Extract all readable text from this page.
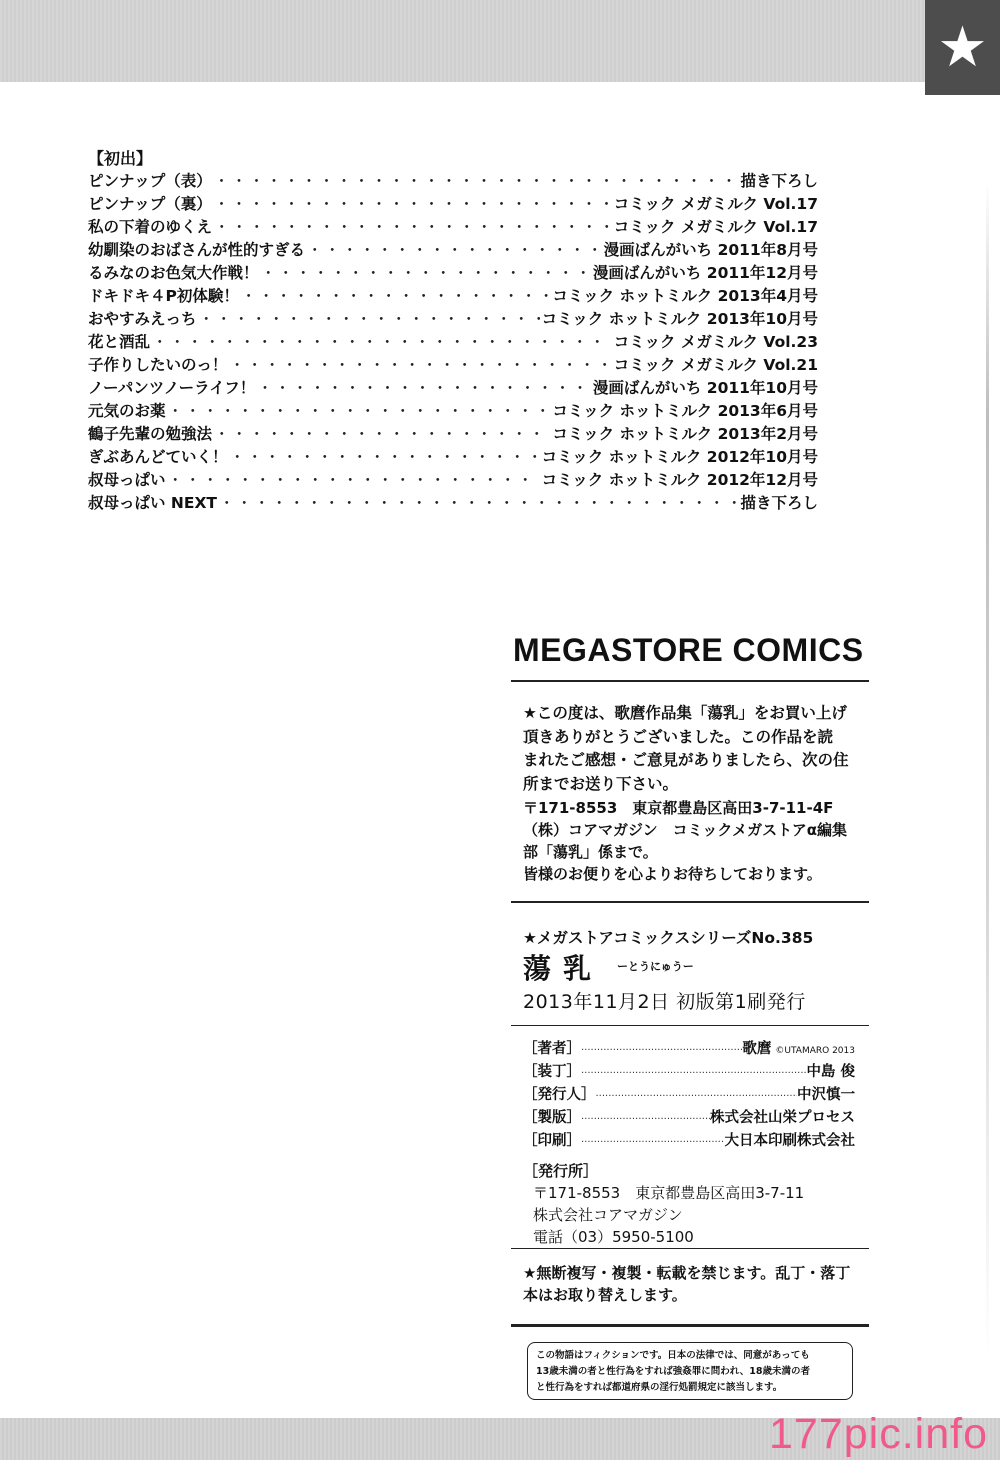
★
【初出】
ピンナップ（表） ・・・・・・・・・・・・・・・・・・・・・・・・・・・・・・・・・・・・・・・・・・・・・・・・・・・・・・・・・・・・・・・・・・・	描き下ろし
ピンナップ（裏） ・・・・・・・・・・・・・・・・・・・・・・・・・・・・・・・・・・・・・・・・・・・・・・・・・・・・・・・・・・・・・・・・・・・	コミック メガミルク Vol.17
私の下着のゆくえ ・・・・・・・・・・・・・・・・・・・・・・・・・・・・・・・・・・・・・・・・・・・・・・・・・・・・・・・・・・・・・・・・・・・	コミック メガミルク Vol.17
幼馴染のおばさんが性的すぎる ・・・・・・・・・・・・・・・・・・・・・・・・・・・・・・・・・・・・・・・・・・・・・・・・・・・・・・・・・・・・・・・・・・・	漫画ばんがいち 2011年8月号
るみなのお色気大作戦！ ・・・・・・・・・・・・・・・・・・・・・・・・・・・・・・・・・・・・・・・・・・・・・・・・・・・・・・・・・・・・・・・・・・・	漫画ばんがいち 2011年12月号
ドキドキ４P初体験！ ・・・・・・・・・・・・・・・・・・・・・・・・・・・・・・・・・・・・・・・・・・・・・・・・・・・・・・・・・・・・・・・・・・・	コミック ホットミルク 2013年4月号
おやすみえっち ・・・・・・・・・・・・・・・・・・・・・・・・・・・・・・・・・・・・・・・・・・・・・・・・・・・・・・・・・・・・・・・・・・・	コミック ホットミルク 2013年10月号
花と酒乱 ・・・・・・・・・・・・・・・・・・・・・・・・・・・・・・・・・・・・・・・・・・・・・・・・・・・・・・・・・・・・・・・・・・・	コミック メガミルク Vol.23
子作りしたいのっ！ ・・・・・・・・・・・・・・・・・・・・・・・・・・・・・・・・・・・・・・・・・・・・・・・・・・・・・・・・・・・・・・・・・・・	コミック メガミルク Vol.21
ノーパンツノーライフ！ ・・・・・・・・・・・・・・・・・・・・・・・・・・・・・・・・・・・・・・・・・・・・・・・・・・・・・・・・・・・・・・・・・・・	漫画ばんがいち 2011年10月号
元気のお薬 ・・・・・・・・・・・・・・・・・・・・・・・・・・・・・・・・・・・・・・・・・・・・・・・・・・・・・・・・・・・・・・・・・・・	コミック ホットミルク 2013年6月号
鶴子先輩の勉強法 ・・・・・・・・・・・・・・・・・・・・・・・・・・・・・・・・・・・・・・・・・・・・・・・・・・・・・・・・・・・・・・・・・・・	コミック ホットミルク 2013年2月号
ぎぶあんどていく！ ・・・・・・・・・・・・・・・・・・・・・・・・・・・・・・・・・・・・・・・・・・・・・・・・・・・・・・・・・・・・・・・・・・・	コミック ホットミルク 2012年10月号
叔母っぱい ・・・・・・・・・・・・・・・・・・・・・・・・・・・・・・・・・・・・・・・・・・・・・・・・・・・・・・・・・・・・・・・・・・・	コミック ホットミルク 2012年12月号
叔母っぱい NEXT ・・・・・・・・・・・・・・・・・・・・・・・・・・・・・・・・・・・・・・・・・・・・・・・・・・・・・・・・・・・・・・・・・・・	描き下ろし
MEGASTORE COMICS
★この度は、歌麿作品集「蕩乳」をお買い上げ
頂きありがとうございました。この作品を読
まれたご感想・ご意見がありましたら、次の住
所までお送り下さい。
〒171-8553　東京都豊島区高田3-7-11-4F
（株）コアマガジン　コミックメガストアα編集
部「蕩乳」係まで。
皆様のお便りを心よりお待ちしております。
★メガストアコミックスシリーズNo.385
蕩乳 ーとうにゅうー
2013年11月2日 初版第1刷発行
［著者］ ·····	歌麿 ©UTAMARO 2013
［装丁］ ·····	中島 俊
［発行人］ ·····	中沢慎一
［製版］ ·····	株式会社山栄プロセス
［印刷］ ·····	大日本印刷株式会社
［発行所］
〒171-8553　東京都豊島区高田3-7-11
株式会社コアマガジン
電話（03）5950-5100
★無断複写・複製・転載を禁じます。乱丁・落丁
本はお取り替えします。
この物語はフィクションです。日本の法律では、同意があっても
13歳未満の者と性行為をすれば強姦罪に問われ、18歳未満の者
と性行為をすれば都道府県の淫行処罰規定に該当します。
177pic.info
